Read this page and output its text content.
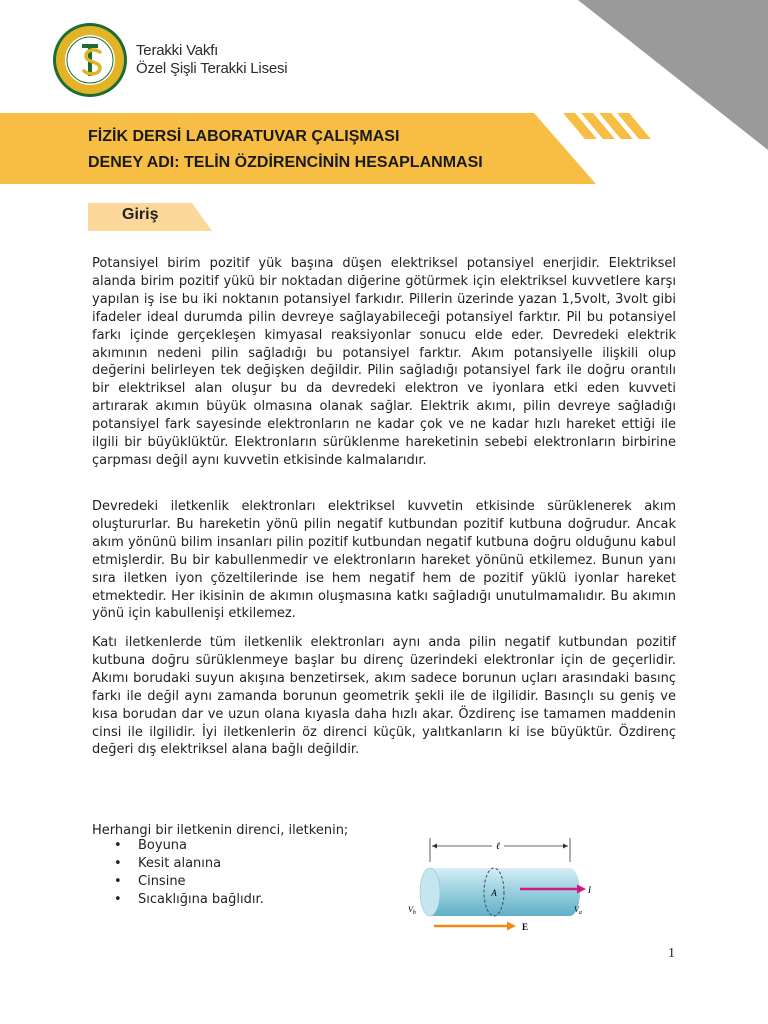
Terakki Vakfı
Özel Şişli Terakki Lisesi
FİZİK DERSİ LABORATUVAR ÇALIŞMASI
DENEY ADI: TELİN ÖZDİRENCİNİN HESAPLANMASI
Giriş

Potansiyel birim pozitif yük başına düşen elektriksel potansiyel enerjidir. Elektriksel alanda birim pozitif yükü bir noktadan diğerine götürmek için elektriksel kuvvetlere karşı yapılan iş ise bu iki noktanın potansiyel farkıdır. Pillerin üzerinde yazan 1,5volt, 3volt gibi ifadeler ideal durumda pilin devreye sağlayabileceği potansiyel farktır. Pil bu potansiyel farkı içinde gerçekleşen kimyasal reaksiyonlar sonucu elde eder. Devredeki elektrik akımının nedeni pilin sağladığı bu potansiyel farktır. Akım potansiyelle ilişkili olup değerini belirleyen tek değişken değildir. Pilin sağladığı potansiyel fark ile doğru orantılı bir elektriksel alan oluşur bu da devredeki elektron ve iyonlara etki eden kuvveti artırarak akımın büyük olmasına olanak sağlar. Elektrik akımı, pilin devreye sağladığı potansiyel fark sayesinde elektronların ne kadar çok ve ne kadar hızlı hareket ettiği ile ilgili bir büyüklüktür. Elektronların sürüklenme hareketinin sebebi elektronların birbirine çarpması değil aynı kuvvetin etkisinde kalmalarıdır.

Devredeki iletkenlik elektronları elektriksel kuvvetin etkisinde sürüklenerek akım oluştururlar. Bu hareketin yönü pilin negatif kutbundan pozitif kutbuna doğrudur. Ancak akım yönünü bilim insanları pilin pozitif kutbundan negatif kutbuna doğru olduğunu kabul etmişlerdir. Bu bir kabullenmedir ve elektronların hareket yönünü etkilemez. Bunun yanı sıra iletken iyon çözeltilerinde ise hem negatif hem de pozitif yüklü iyonlar hareket etmektedir. Her ikisinin de akımın oluşmasına katkı sağladığı unutulmamalıdır. Bu akımın yönü için kabullenişi etkilemez.

Katı iletkenlerde tüm iletkenlik elektronları aynı anda pilin negatif kutbundan pozitif kutbuna doğru sürüklenmeye başlar bu direnç üzerindeki elektronlar için de geçerlidir. Akımı borudaki suyun akışına benzetirsek, akım sadece borunun uçları arasındaki basınç farkı ile değil aynı zamanda borunun geometrik şekli ile de ilgilidir. Basınçlı su geniş ve kısa borudan dar ve uzun olana kıyasla daha hızlı akar. Özdirenç ise tamamen maddenin cinsi ile ilgilidir. İyi iletkenlerin öz direnci küçük, yalıtkanların ki ise büyüktür. Özdirenç değeri dış elektriksel alana bağlı değildir.

Herhangi bir iletkenin direnci, iletkenin;

• Boyuna
• Kesit alanına
• Cinsine
• Sıcaklığına bağlıdır.
ℓ
A	I
$V_b$	$V_a$
E
1
